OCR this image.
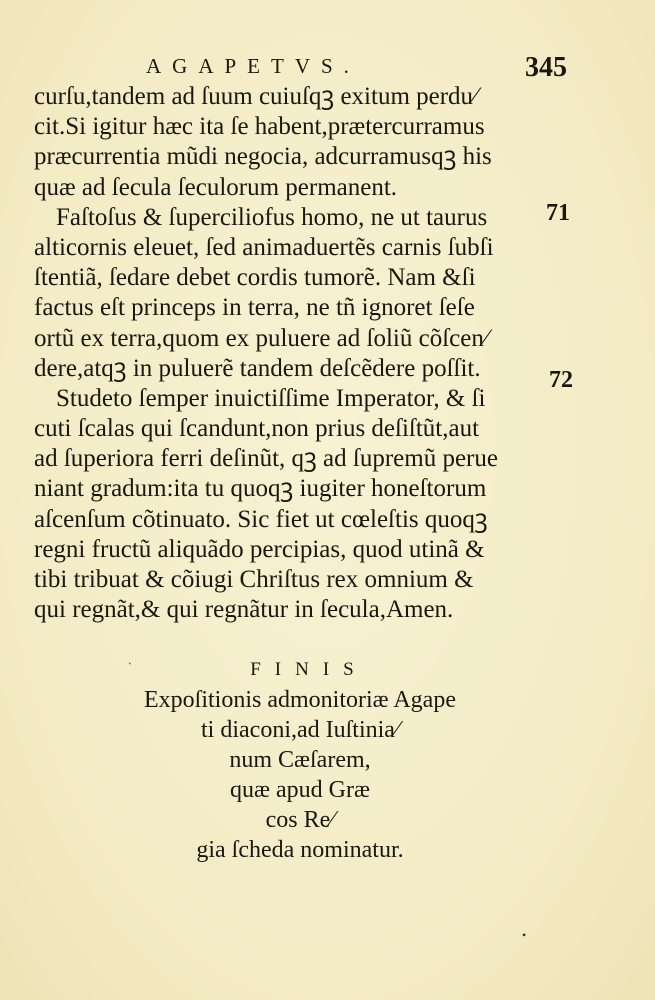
AGAPETVS.	345
curſu,tandem ad ſuum cuiuſqꝫ exitum perdu⁄
cit.Si igitur hæc ita ſe habent,prætercurramus
præcurrentia mũdi negocia, adcurramusqꝫ his
quæ ad ſecula ſeculorum permanent.
Faſtoſus & ſuperciliofus homo, ne ut taurus
alticornis eleuet, ſed animaduertẽs carnis ſubſi
ſtentiã, ſedare debet cordis tumorẽ. Nam &ſi
factus eſt princeps in terra, ne tñ ignoret ſeſe
ortũ ex terra,quom ex puluere ad ſoliũ cõſcen⁄
dere,atqꝫ in puluerẽ tandem deſcẽdere poſſit.
Studeto ſemper inuictiſſime Imperator, & ſi
cuti ſcalas qui ſcandunt,non prius deſiſtũt,aut
ad ſuperiora ferri deſinũt, qꝫ ad ſupremũ perue
niant gradum:ita tu quoqꝫ iugiter honeſtorum
aſcenſum cõtinuato. Sic fiet ut cœleſtis quoqꝫ
regni fructũ aliquãdo percipias, quod utinã &
tibi tribuat & cõiugi Chriſtus rex omnium &
qui regnãt,& qui regnãtur in ſecula,Amen.
71
72
FINIS
Expoſitionis admonitoriæ Agape
ti diaconi,ad Iuſtinia⁄
num Cæſarem,
quæ apud Græ
cos Re⁄
gia ſcheda nominatur.
`
•
